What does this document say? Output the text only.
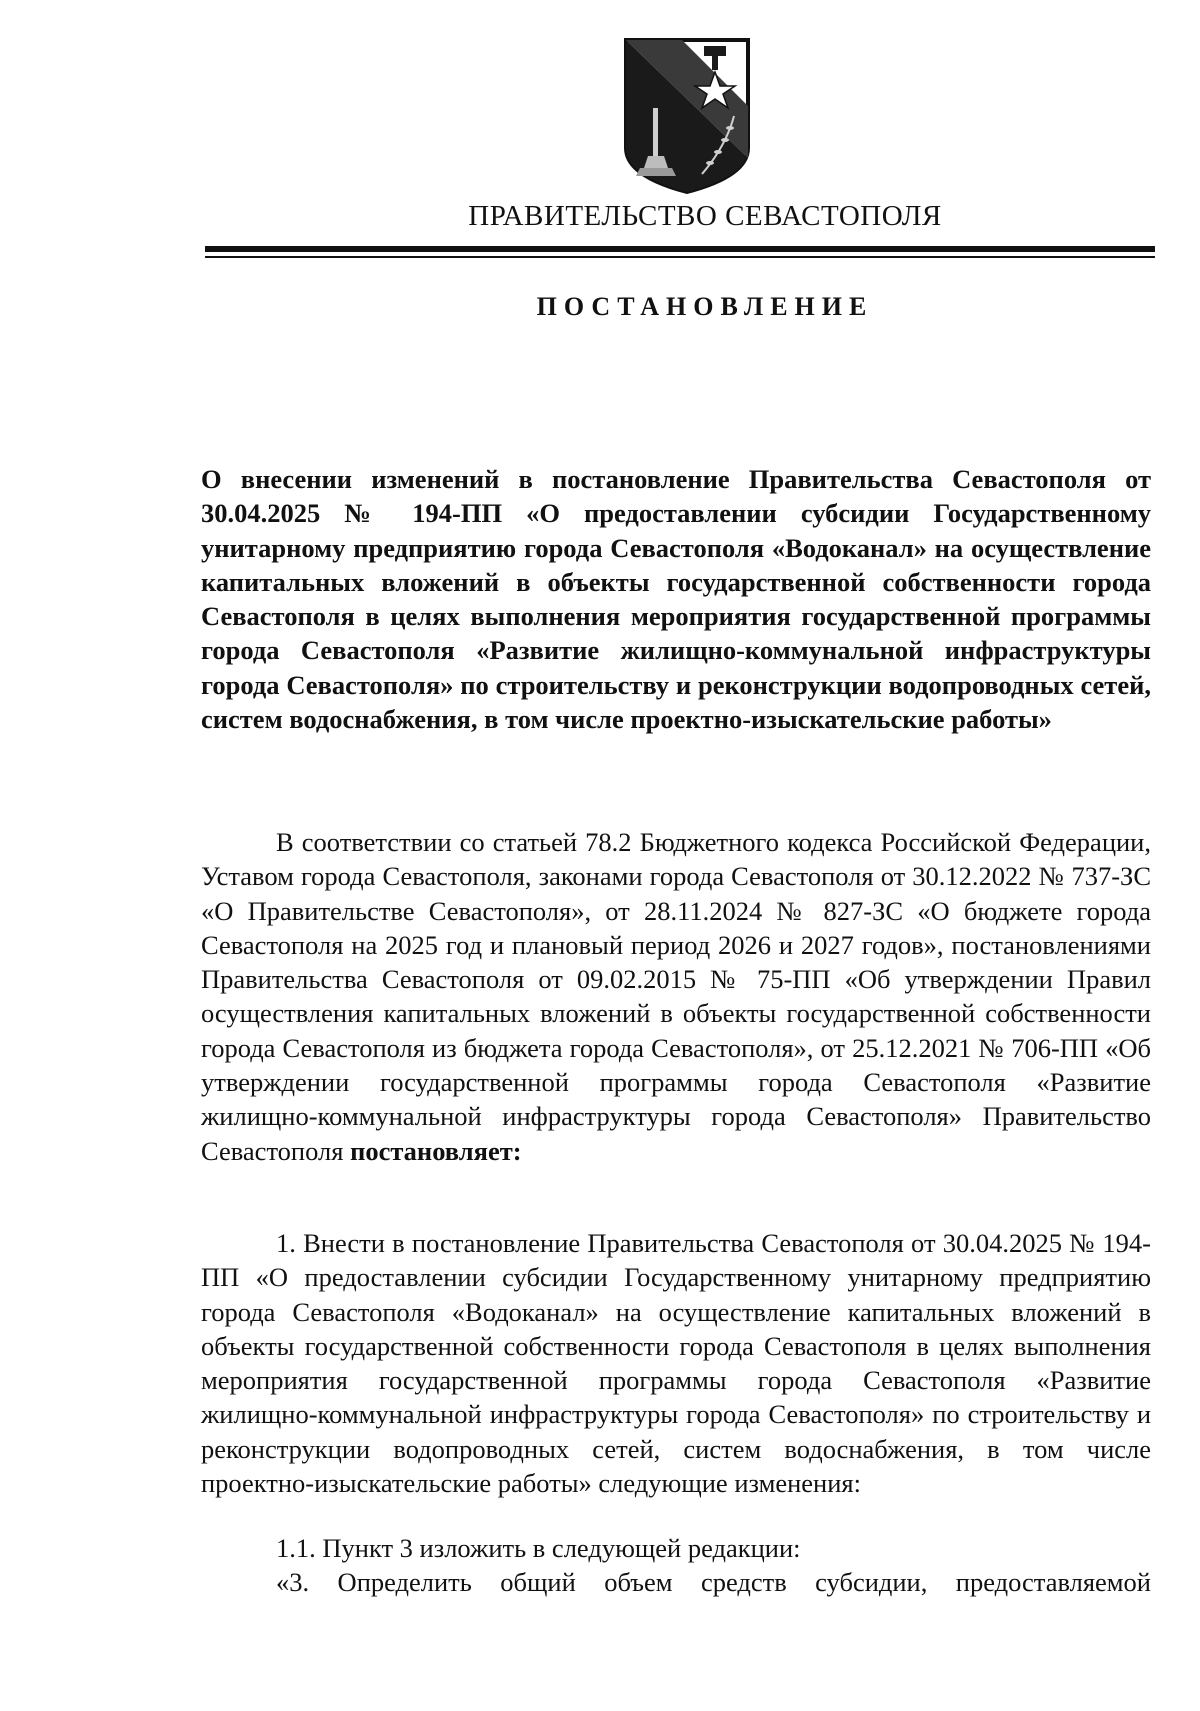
ПРАВИТЕЛЬСТВО СЕВАСТОПОЛЯ
ПОСТАНОВЛЕНИЕ
О внесении изменений в постановление Правительства Севастополя от 30.04.2025 № 194-ПП «О предоставлении субсидии Государственному унитарному предприятию города Севастополя «Водоканал» на осуществление капитальных вложений в объекты государственной собственности города Севастополя в целях выполнения мероприятия государственной программы города Севастополя «Развитие жилищно-коммунальной инфраструктуры города Севастополя» по строительству и реконструкции водопроводных сетей, систем водоснабжения, в том числе проектно-изыскательские работы»
В соответствии со статьей 78.2 Бюджетного кодекса Российской Федерации, Уставом города Севастополя, законами города Севастополя от 30.12.2022 № 737-ЗС «О Правительстве Севастополя», от 28.11.2024 № 827-ЗС «О бюджете города Севастополя на 2025 год и плановый период 2026 и 2027 годов», постановлениями Правительства Севастополя от 09.02.2015 № 75-ПП «Об утверждении Правил осуществления капитальных вложений в объекты государственной собственности города Севастополя из бюджета города Севастополя», от 25.12.2021 № 706-ПП «Об утверждении государственной программы города Севастополя «Развитие жилищно-коммунальной инфраструктуры города Севастополя» Правительство Севастополя постановляет:
1. Внести в постановление Правительства Севастополя от 30.04.2025 № 194-ПП «О предоставлении субсидии Государственному унитарному предприятию города Севастополя «Водоканал» на осуществление капитальных вложений в объекты государственной собственности города Севастополя в целях выполнения мероприятия государственной программы города Севастополя «Развитие жилищно-коммунальной инфраструктуры города Севастополя» по строительству и реконструкции водопроводных сетей, систем водоснабжения, в том числе проектно-изыскательские работы» следующие изменения:
1.1. Пункт 3 изложить в следующей редакции:
«3. Определить общий объем средств субсидии, предоставляемой
